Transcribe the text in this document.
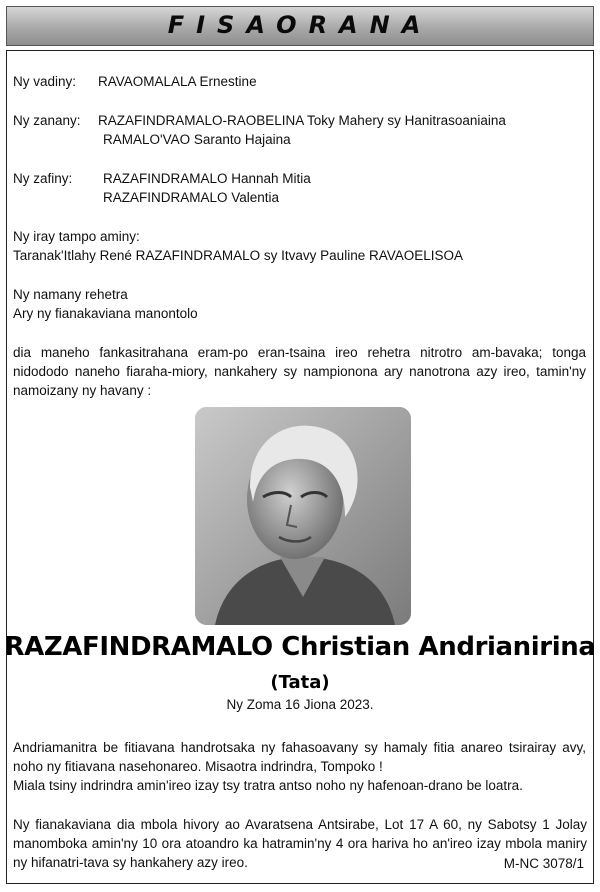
FISAORANA
Ny vadiny: RAVAOMALALA Ernestine
Ny zanany: RAZAFINDRAMALO-RAOBELINA Toky Mahery sy Hanitrasoaniaina
RAMALO'VAO Saranto Hajaina
Ny zafiny: RAZAFINDRAMALO Hannah Mitia
RAZAFINDRAMALO Valentia
Ny iray tampo aminy:
Taranak'Itlahy René RAZAFINDRAMALO sy Itvavy Pauline RAVAOELISOA
Ny namany rehetra
Ary ny fianakaviana manontolo
dia maneho fankasitrahana eram-po eran-tsaina ireo rehetra nitrotro am-bavaka; tonga nidododo naneho fiaraha-miory, nankahery sy nampionona ary nanotrona azy ireo, tamin'ny namoizany ny havany :
RAZAFINDRAMALO Christian Andrianirina
(Tata)
Ny Zoma 16 Jiona 2023.
Andriamanitra be fitiavana handrotsaka ny fahasoavany sy hamaly fitia anareo tsirairay avy, noho ny fitiavana nasehonareo. Misaotra indrindra, Tompoko !
Miala tsiny indrindra amin'ireo izay tsy tratra antso noho ny hafenoan-drano be loatra.
Ny fianakaviana dia mbola hivory ao Avaratsena Antsirabe, Lot 17 A 60, ny Sabotsy 1 Jolay manomboka amin'ny 10 ora atoandro ka hatramin'ny 4 ora hariva ho an'ireo izay mbola maniry ny hifanatri-tava sy hankahery azy ireo.	M-NC 3078/1
